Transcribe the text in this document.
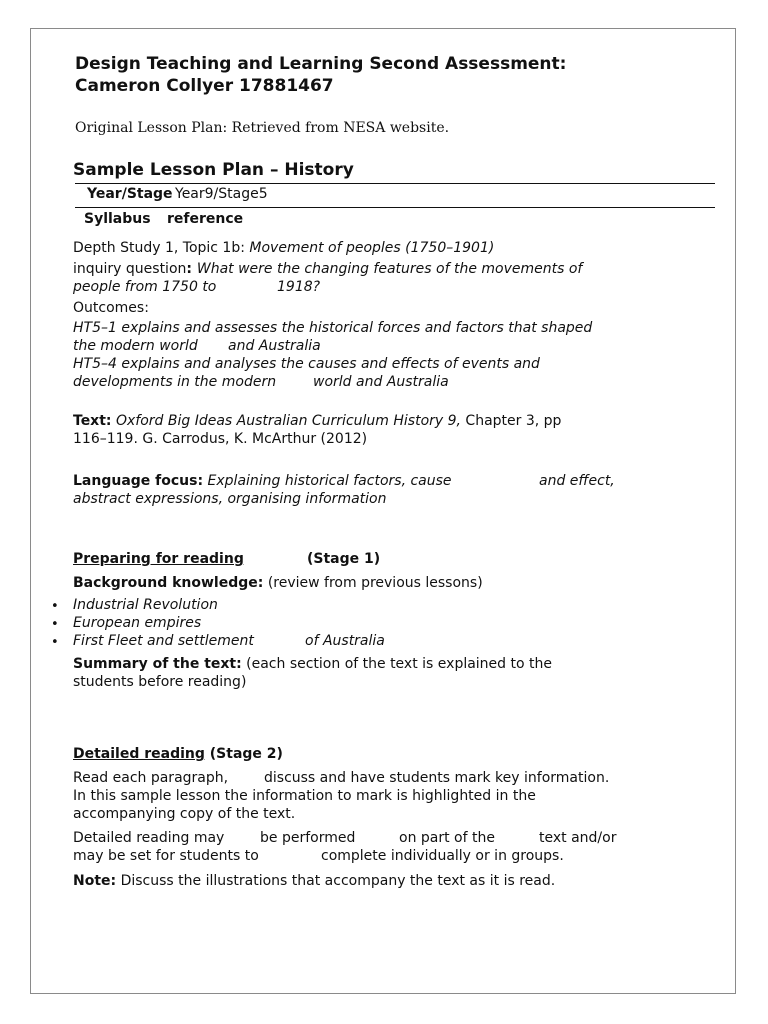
Design Teaching and Learning Second Assessment:
Cameron Collyer 17881467
Original Lesson Plan: Retrieved from NESA website.
Sample Lesson Plan – History
Year/Stage Year9/Stage5
Syllabus reference
Depth Study 1, Topic 1b: Movement of peoples (1750–1901)
inquiry question: What were the changing features of the movements of
people from 1750 to	1918?
Outcomes:
HT5–1 explains and assesses the historical forces and factors that shaped
the modern world and Australia
HT5–4 explains and analyses the causes and effects of events and
developments in the modern	world and Australia
Text: Oxford Big Ideas Australian Curriculum History 9, Chapter 3, pp
116–119. G. Carrodus, K. McArthur (2012)
Language focus: Explaining historical factors, cause	and effect,
abstract expressions, organising information
Preparing for reading	(Stage 1)
Background knowledge: (review from previous lessons)
• Industrial Revolution
• European empires
• First Fleet and settlement	of Australia
Summary of the text: (each section of the text is explained to the
students before reading)
Detailed reading (Stage 2)
Read each paragraph,	discuss and have students mark key information.
In this sample lesson the information to mark is highlighted in the
accompanying copy of the text.
Detailed reading may	be performed	on part of the	text and/or
may be set for students to	complete individually or in groups.
Note: Discuss the illustrations that accompany the text as it is read.
